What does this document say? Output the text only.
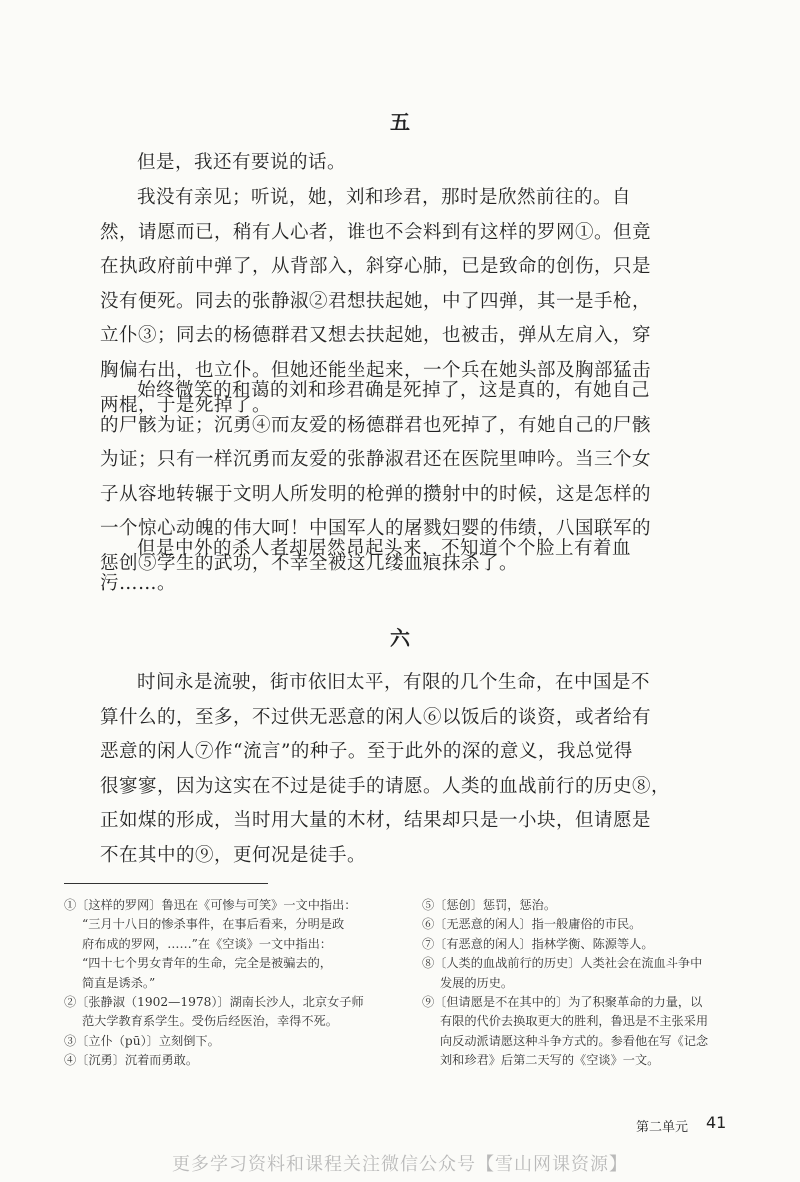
五
但是，我还有要说的话。
我没有亲见；听说，她，刘和珍君，那时是欣然前往的。自
然，请愿而已，稍有人心者，谁也不会料到有这样的罗网①。但竟
在执政府前中弹了，从背部入，斜穿心肺，已是致命的创伤，只是
没有便死。同去的张静淑②君想扶起她，中了四弹，其一是手枪，
立仆③；同去的杨德群君又想去扶起她，也被击，弹从左肩入，穿
胸偏右出，也立仆。但她还能坐起来，一个兵在她头部及胸部猛击
两棍，于是死掉了。
始终微笑的和蔼的刘和珍君确是死掉了，这是真的，有她自己
的尸骸为证；沉勇④而友爱的杨德群君也死掉了，有她自己的尸骸
为证；只有一样沉勇而友爱的张静淑君还在医院里呻吟。当三个女
子从容地转辗于文明人所发明的枪弹的攒射中的时候，这是怎样的
一个惊心动魄的伟大呵！中国军人的屠戮妇婴的伟绩，八国联军的
惩创⑤学生的武功，不幸全被这几缕血痕抹杀了。
但是中外的杀人者却居然昂起头来，不知道个个脸上有着血
污……。
六
时间永是流驶，街市依旧太平，有限的几个生命，在中国是不
算什么的，至多，不过供无恶意的闲人⑥以饭后的谈资，或者给有
恶意的闲人⑦作“流言”的种子。至于此外的深的意义，我总觉得
很寥寥，因为这实在不过是徒手的请愿。人类的血战前行的历史⑧，
正如煤的形成，当时用大量的木材，结果却只是一小块，但请愿是
不在其中的⑨，更何况是徒手。
①〔这样的罗网〕鲁迅在《可惨与可笑》一文中指出：
“三月十八日的惨杀事件，在事后看来，分明是政
府布成的罗网，……”在《空谈》一文中指出：
“四十七个男女青年的生命，完全是被骗去的，
简直是诱杀。”
②〔张静淑（1902—1978）〕湖南长沙人，北京女子师
范大学教育系学生。受伤后经医治，幸得不死。
③〔立仆（pū）〕立刻倒下。
④〔沉勇〕沉着而勇敢。
⑤〔惩创〕惩罚，惩治。
⑥〔无恶意的闲人〕指一般庸俗的市民。
⑦〔有恶意的闲人〕指林学衡、陈源等人。
⑧〔人类的血战前行的历史〕人类社会在流血斗争中
发展的历史。
⑨〔但请愿是不在其中的〕为了积聚革命的力量，以
有限的代价去换取更大的胜利，鲁迅是不主张采用
向反动派请愿这种斗争方式的。参看他在写《记念
刘和珍君》后第二天写的《空谈》一文。
第二单元 41
更多学习资料和课程关注微信公众号【雪山网课资源】
